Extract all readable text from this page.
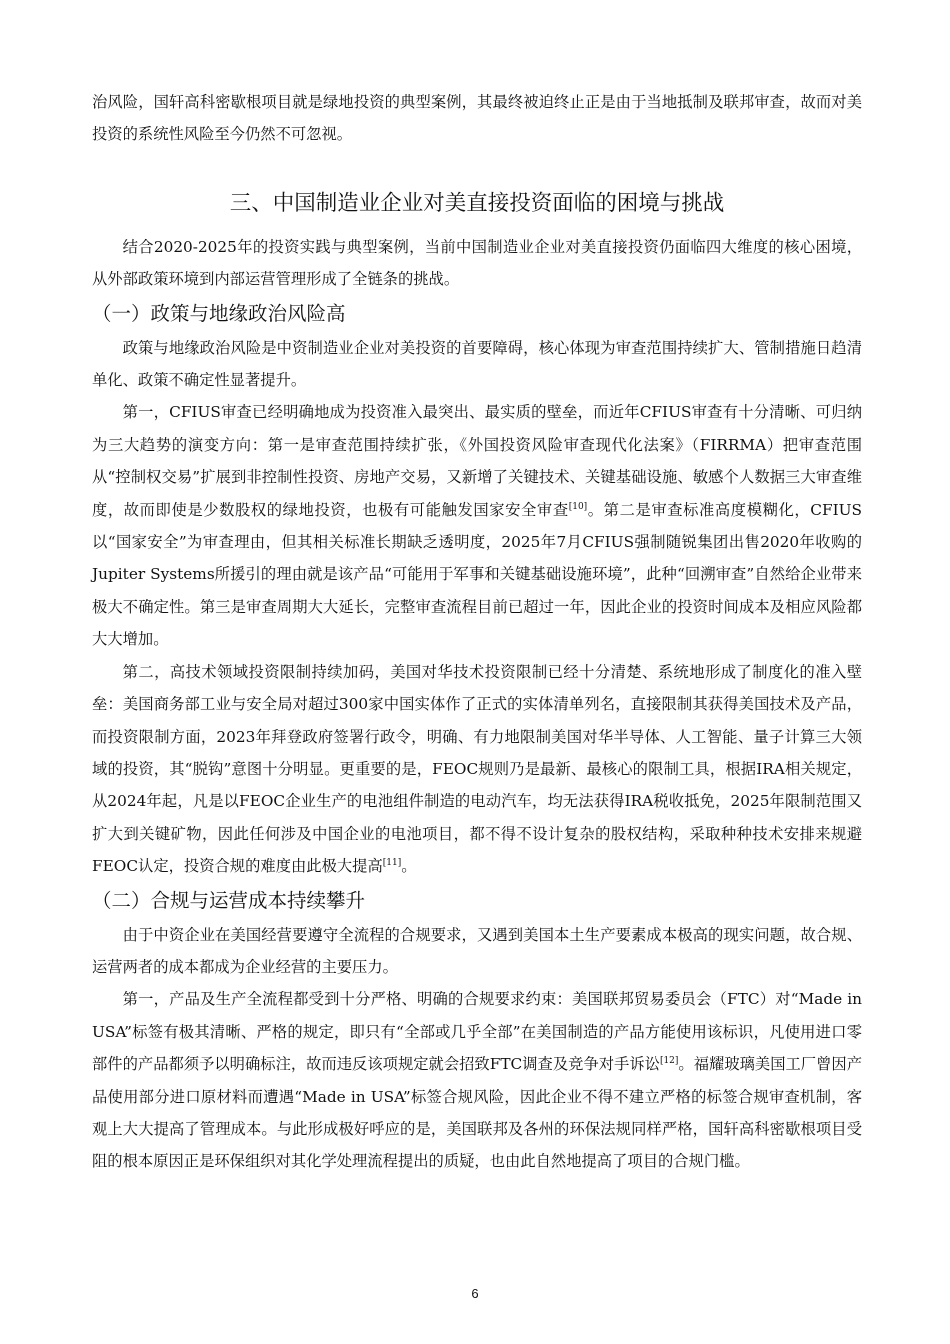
治风险，国轩高科密歇根项目就是绿地投资的典型案例，其最终被迫终止正是由于当地抵制及联邦审查，故而对美投资的系统性风险至今仍然不可忽视。

三、中国制造业企业对美直接投资面临的困境与挑战

结合2020-2025年的投资实践与典型案例，当前中国制造业企业对美直接投资仍面临四大维度的核心困境，从外部政策环境到内部运营管理形成了全链条的挑战。

（一）政策与地缘政治风险高

政策与地缘政治风险是中资制造业企业对美投资的首要障碍，核心体现为审查范围持续扩大、管制措施日趋清单化、政策不确定性显著提升。

第一，CFIUS审查已经明确地成为投资准入最突出、最实质的壁垒，而近年CFIUS审查有十分清晰、可归纳为三大趋势的演变方向：第一是审查范围持续扩张，《外国投资风险审查现代化法案》（FIRRMA）把审查范围从“控制权交易”扩展到非控制性投资、房地产交易，又新增了关键技术、关键基础设施、敏感个人数据三大审查维度，故而即使是少数股权的绿地投资，也极有可能触发国家安全审查[10]。第二是审查标准高度模糊化，CFIUS以“国家安全”为审查理由，但其相关标准长期缺乏透明度，2025年7月CFIUS强制随锐集团出售2020年收购的Jupiter Systems所援引的理由就是该产品“可能用于军事和关键基础设施环境”，此种“回溯审查”自然给企业带来极大不确定性。第三是审查周期大大延长，完整审查流程目前已超过一年，因此企业的投资时间成本及相应风险都大大增加。

第二，高技术领域投资限制持续加码，美国对华技术投资限制已经十分清楚、系统地形成了制度化的准入壁垒：美国商务部工业与安全局对超过300家中国实体作了正式的实体清单列名，直接限制其获得美国技术及产品，而投资限制方面，2023年拜登政府签署行政令，明确、有力地限制美国对华半导体、人工智能、量子计算三大领域的投资，其“脱钩”意图十分明显。更重要的是，FEOC规则乃是最新、最核心的限制工具，根据IRA相关规定，从2024年起，凡是以FEOC企业生产的电池组件制造的电动汽车，均无法获得IRA税收抵免，2025年限制范围又扩大到关键矿物，因此任何涉及中国企业的电池项目，都不得不设计复杂的股权结构，采取种种技术安排来规避FEOC认定，投资合规的难度由此极大提高[11]。

（二）合规与运营成本持续攀升

由于中资企业在美国经营要遵守全流程的合规要求，又遇到美国本土生产要素成本极高的现实问题，故合规、运营两者的成本都成为企业经营的主要压力。

第一，产品及生产全流程都受到十分严格、明确的合规要求约束：美国联邦贸易委员会（FTC）对“Made in USA”标签有极其清晰、严格的规定，即只有“全部或几乎全部”在美国制造的产品方能使用该标识，凡使用进口零部件的产品都须予以明确标注，故而违反该项规定就会招致FTC调查及竞争对手诉讼[12]。福耀玻璃美国工厂曾因产品使用部分进口原材料而遭遇“Made in USA”标签合规风险，因此企业不得不建立严格的标签合规审查机制，客观上大大提高了管理成本。与此形成极好呼应的是，美国联邦及各州的环保法规同样严格，国轩高科密歇根项目受阻的根本原因正是环保组织对其化学处理流程提出的质疑，也由此自然地提高了项目的合规门槛。

6
